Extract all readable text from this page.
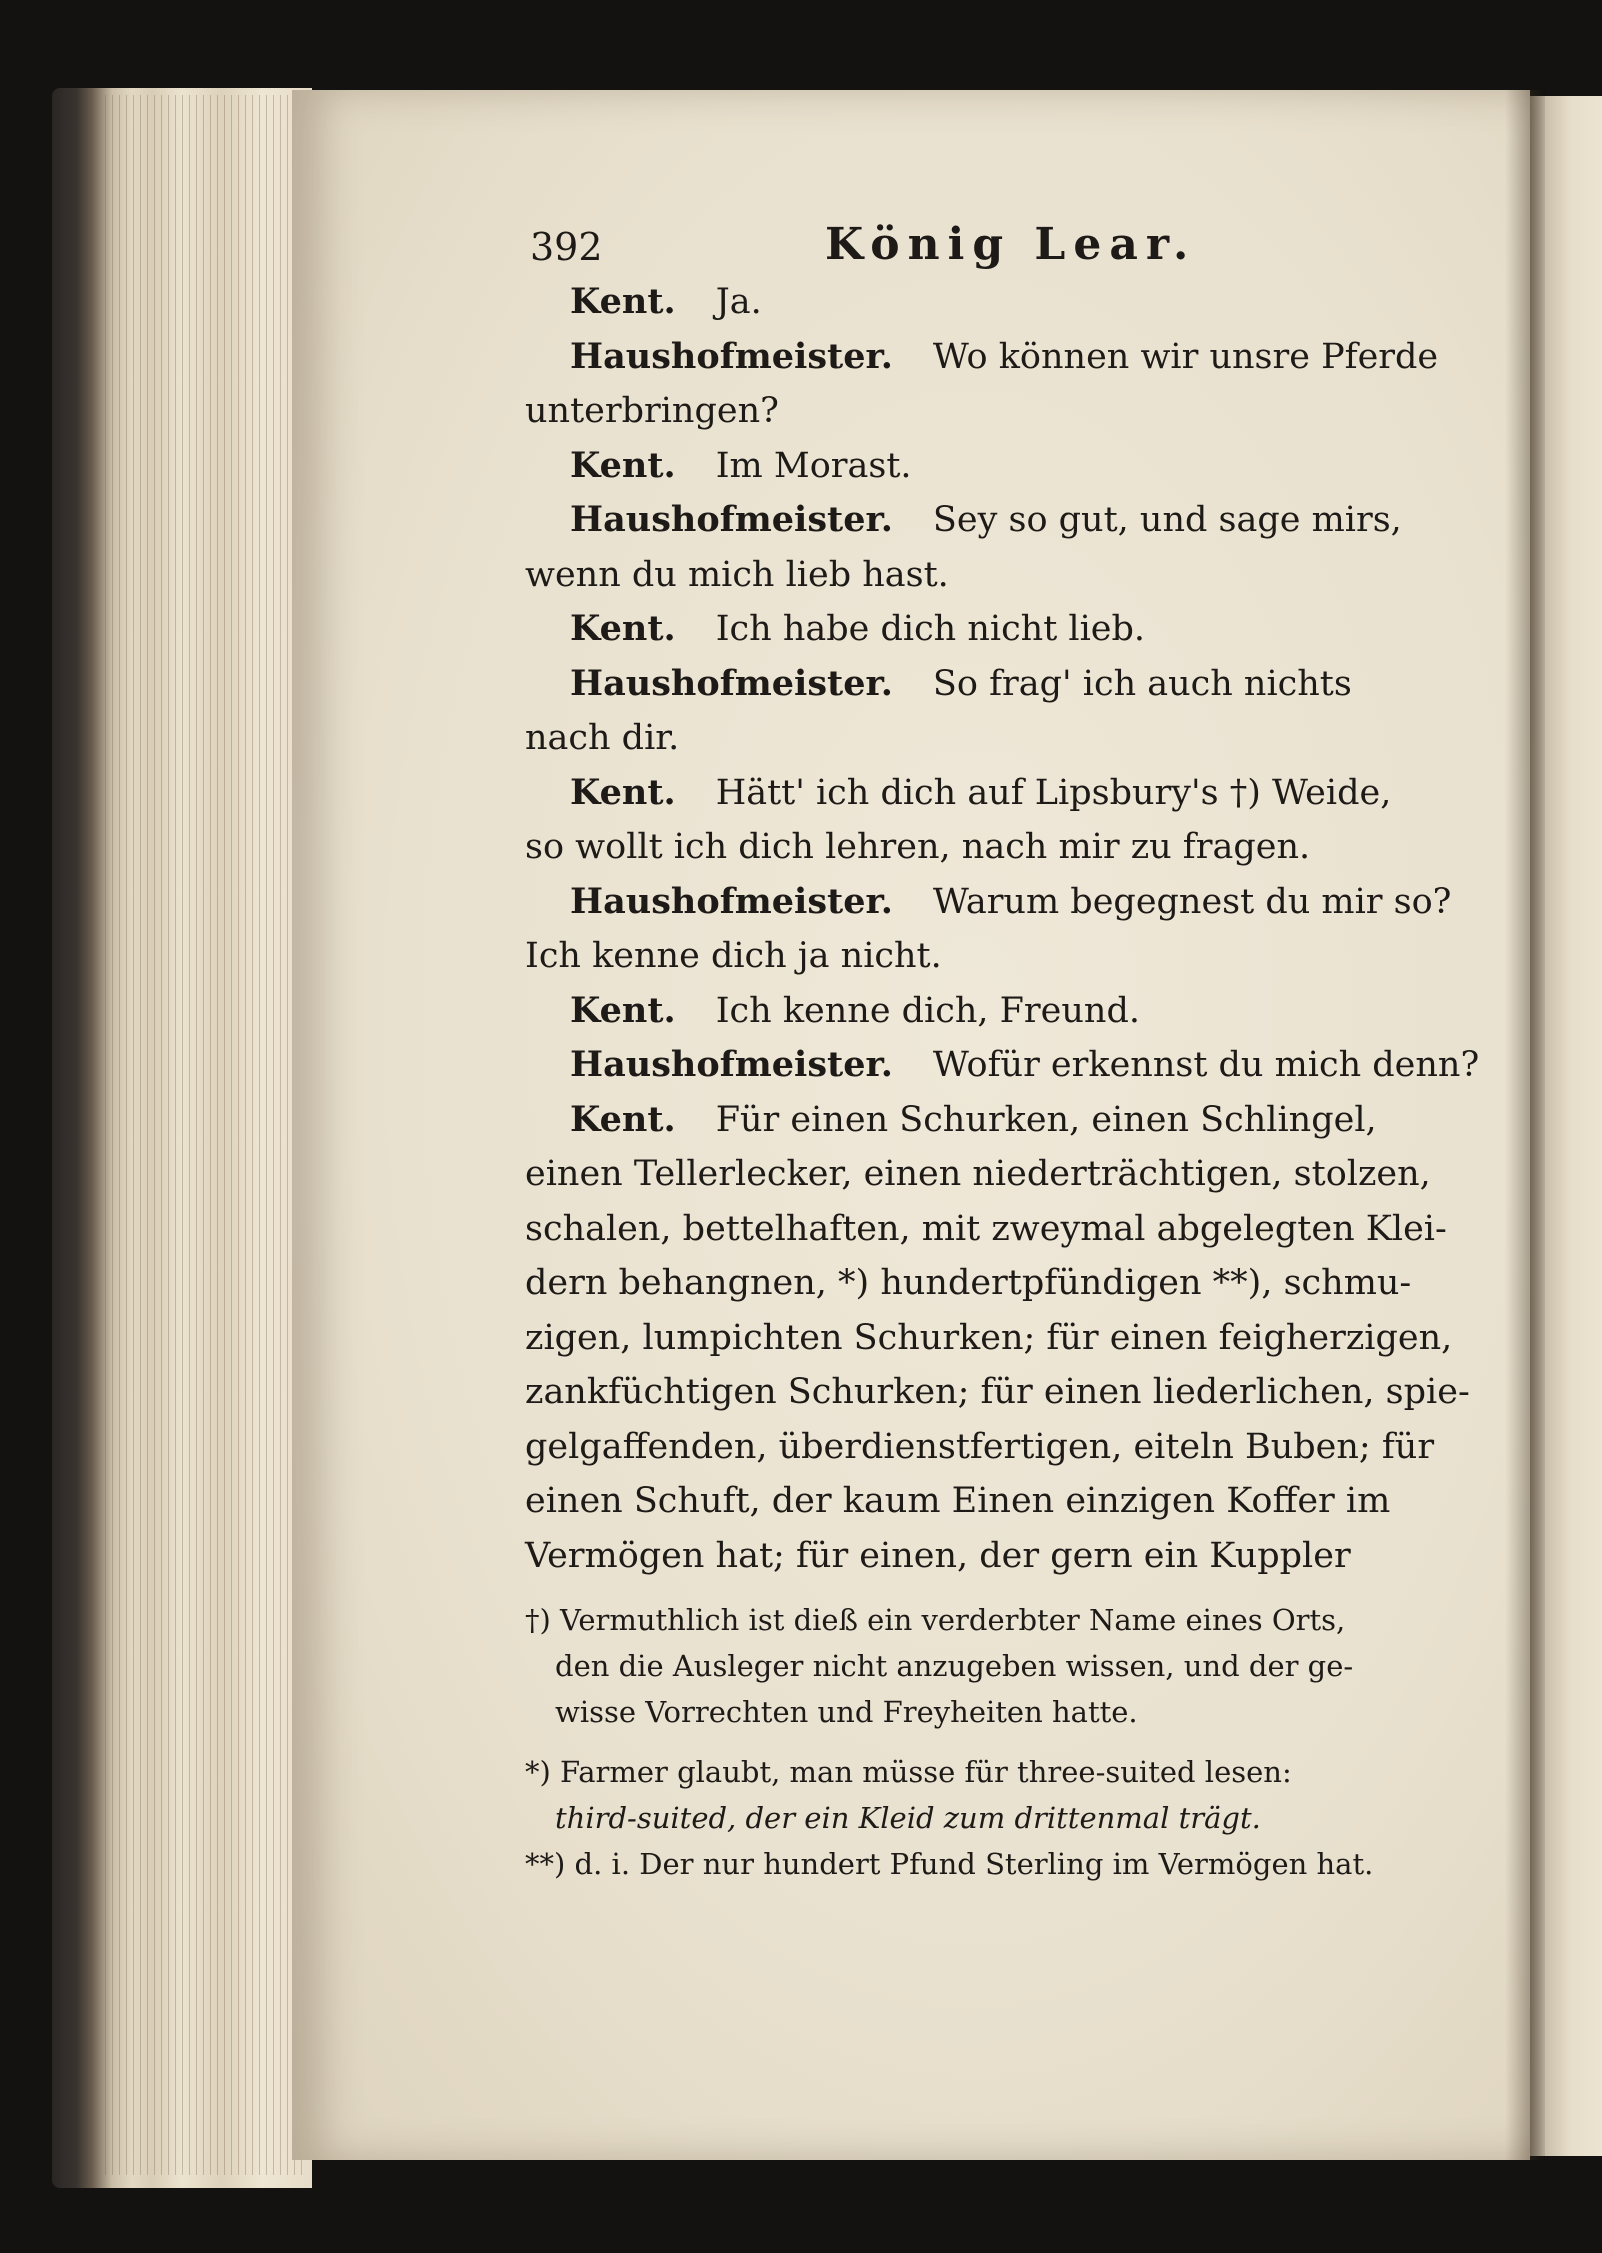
392	König Lear.
Kent. Ja.
Haushofmeister. Wo können wir unsre Pferde
unterbringen?
Kent. Im Morast.
Haushofmeister. Sey so gut, und sage mirs,
wenn du mich lieb hast.
Kent. Ich habe dich nicht lieb.
Haushofmeister. So frag' ich auch nichts
nach dir.
Kent. Hätt' ich dich auf Lipsbury's †) Weide,
so wollt ich dich lehren, nach mir zu fragen.
Haushofmeister. Warum begegnest du mir so?
Ich kenne dich ja nicht.
Kent. Ich kenne dich, Freund.
Haushofmeister. Wofür erkennst du mich denn?
Kent. Für einen Schurken, einen Schlingel,
einen Tellerlecker, einen niederträchtigen, stolzen,
schalen, bettelhaften, mit zweymal abgelegten Klei-
dern behangnen, *) hundertpfündigen **), schmu-
zigen, lumpichten Schurken; für einen feigherzigen,
zankfüchtigen Schurken; für einen liederlichen, spie-
gelgaffenden, überdienstfertigen, eiteln Buben; für
einen Schuft, der kaum Einen einzigen Koffer im
Vermögen hat; für einen, der gern ein Kuppler
†) Vermuthlich ist dieß ein verderbter Name eines Orts,
den die Ausleger nicht anzugeben wissen, und der ge-
wisse Vorrechten und Freyheiten hatte.
*) Farmer glaubt, man müsse für three-suited lesen:
third-suited, der ein Kleid zum drittenmal trägt.
**) d. i. Der nur hundert Pfund Sterling im Vermögen hat.
